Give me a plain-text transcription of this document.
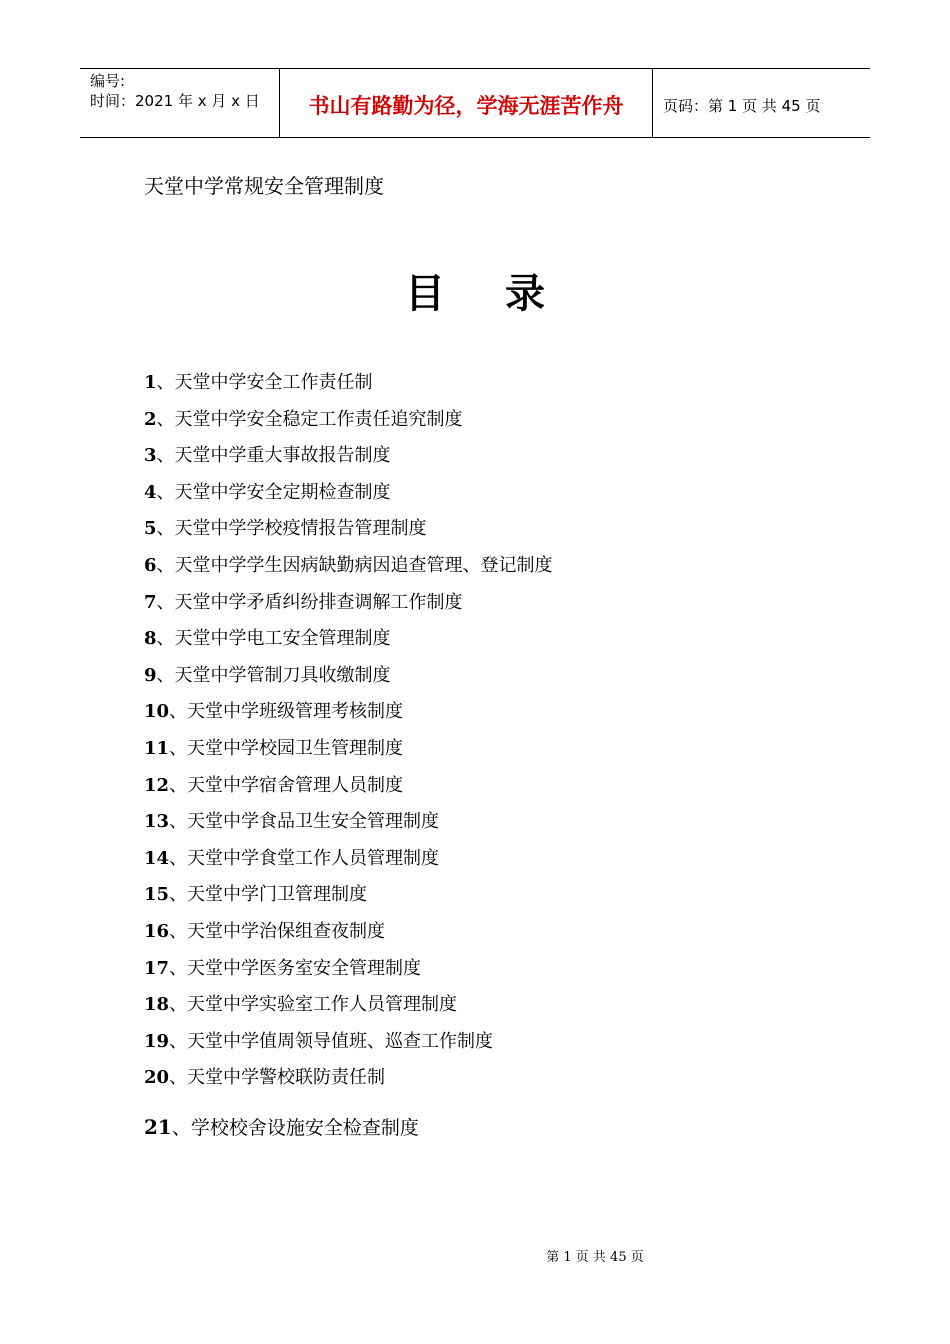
编号:
时间：2021 年 x 月 x 日	书山有路勤为径，学海无涯苦作舟	页码：第 1 页 共 45 页
天堂中学常规安全管理制度
目录
1、天堂中学安全工作责任制
2、天堂中学安全稳定工作责任追究制度
3、天堂中学重大事故报告制度
4、天堂中学安全定期检查制度
5、天堂中学学校疫情报告管理制度
6、天堂中学学生因病缺勤病因追查管理、登记制度
7、天堂中学矛盾纠纷排查调解工作制度
8、天堂中学电工安全管理制度
9、天堂中学管制刀具收缴制度
10、天堂中学班级管理考核制度
11、天堂中学校园卫生管理制度
12、天堂中学宿舍管理人员制度
13、天堂中学食品卫生安全管理制度
14、天堂中学食堂工作人员管理制度
15、天堂中学门卫管理制度
16、天堂中学治保组查夜制度
17、天堂中学医务室安全管理制度
18、天堂中学实验室工作人员管理制度
19、天堂中学值周领导值班、巡查工作制度
20、天堂中学警校联防责任制
21、学校校舍设施安全检查制度
第 1 页 共 45 页
